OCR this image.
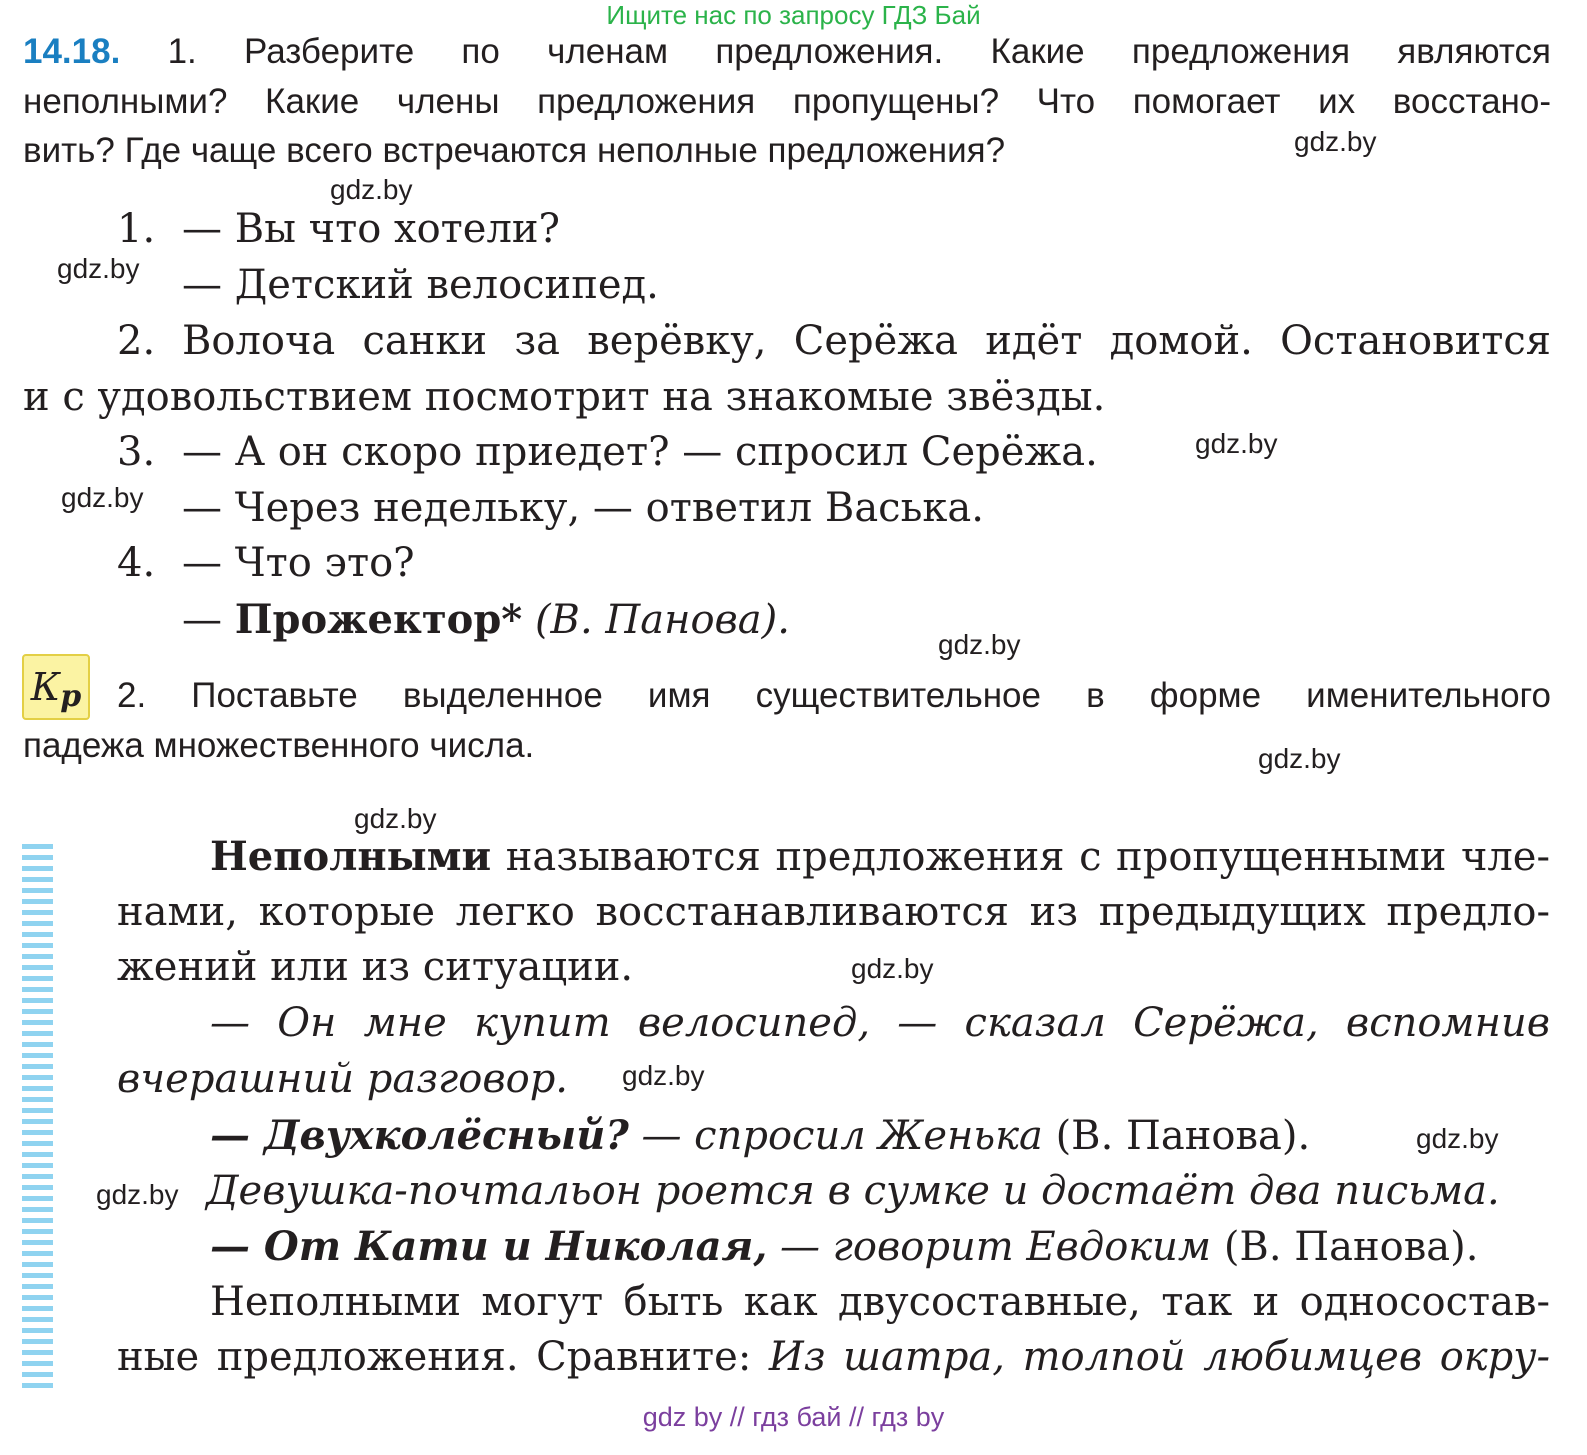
Ищите нас по запросу ГДЗ Бай
gdz by // гдз бай // гдз by
14.18. 1. Разберите по членам предложения. Какие предложения являются
неполными? Какие члены предложения пропущены? Что помогает их восстано-
вить? Где чаще всего встречаются неполные предложения?
1. — Вы что хотели?
— Детский велосипед.
2. Волоча санки за верёвку, Серёжа идёт домой. Остановится
и с удовольствием посмотрит на знакомые звёзды.
3. — А он скоро приедет? — спросил Серёжа.
— Через недельку, — ответил Васька.
4. — Что это?
— Прожектор* (В. Панова).
$К_р$ 2. Поставьте выделенное имя существительное в форме именительного
падежа множественного числа.
Неполными называются предложения с пропущенными чле-
нами, которые легко восстанавливаются из предыдущих предло-
жений или из ситуации.
— Он мне купит велосипед, — сказал Серёжа, вспомнив
вчерашний разговор.
— Двухколёсный? — спросил Женька (В. Панова).
Девушка-почтальон роется в сумке и достаёт два письма.
— От Кати и Николая, — говорит Евдоким (В. Панова).
Неполными могут быть как двусоставные, так и односостав-
ные предложения. Сравните: Из шатра, толпой любимцев окру-
gdz.by
gdz.by
gdz.by
gdz.by
gdz.by
gdz.by
gdz.by
gdz.by
gdz.by
gdz.by
gdz.by
gdz.by
